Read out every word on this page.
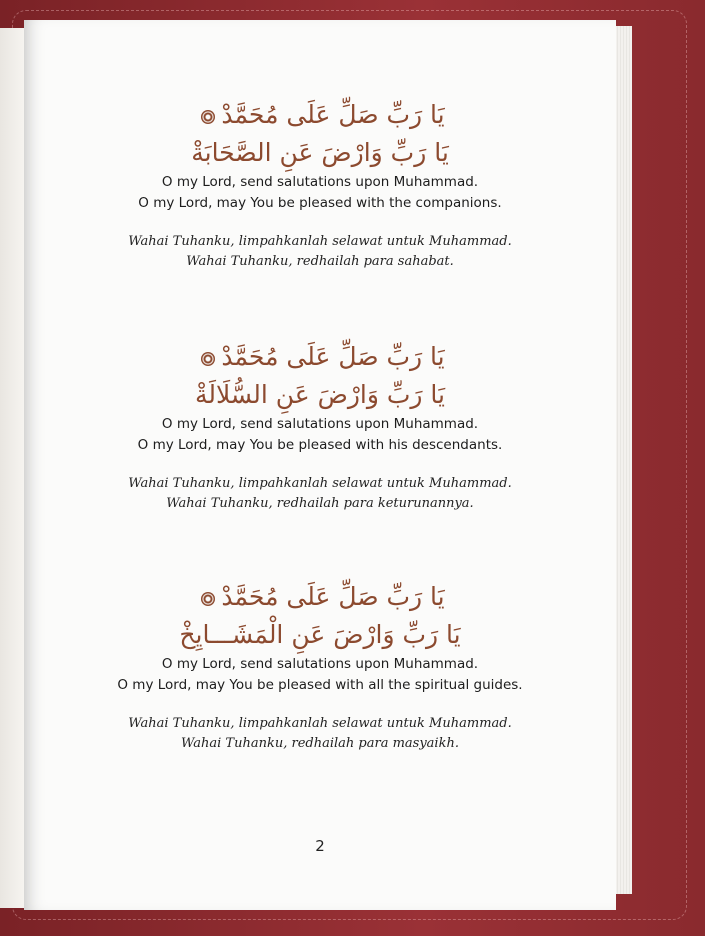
يَا رَبِّ صَلِّ عَلَى مُحَمَّدْ
يَا رَبِّ وَارْضَ عَنِ الصَّحَابَةْ
O my Lord, send salutations upon Muhammad.
O my Lord, may You be pleased with the companions.
Wahai Tuhanku, limpahkanlah selawat untuk Muhammad.
Wahai Tuhanku, redhailah para sahabat.
يَا رَبِّ صَلِّ عَلَى مُحَمَّدْ
يَا رَبِّ وَارْضَ عَنِ السُّلَالَةْ
O my Lord, send salutations upon Muhammad.
O my Lord, may You be pleased with his descendants.
Wahai Tuhanku, limpahkanlah selawat untuk Muhammad.
Wahai Tuhanku, redhailah para keturunannya.
يَا رَبِّ صَلِّ عَلَى مُحَمَّدْ
يَا رَبِّ وَارْضَ عَنِ الْمَشَـــايِخْ
O my Lord, send salutations upon Muhammad.
O my Lord, may You be pleased with all the spiritual guides.
Wahai Tuhanku, limpahkanlah selawat untuk Muhammad.
Wahai Tuhanku, redhailah para masyaikh.
2
